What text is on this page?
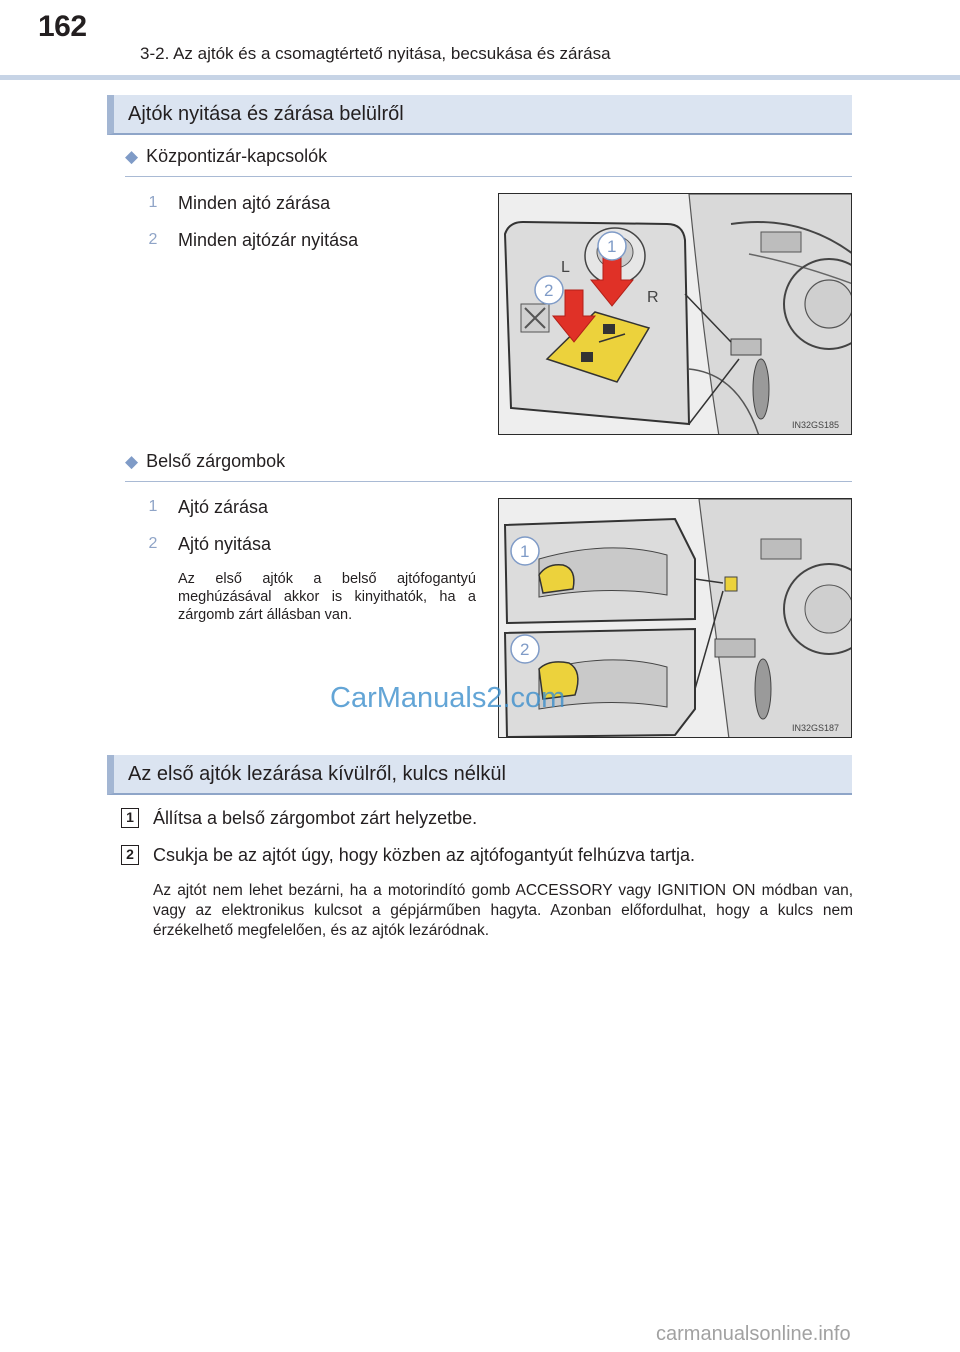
162
3-2. Az ajtók és a csomagtértető nyitása, becsukása és zárása
Ajtók nyitása és zárása belülről
◆ Központizár-kapcsolók
1	Minden ajtó zárása
2	Minden ajtózár nyitása
L
R
1
2
IN32GS185
◆ Belső zárgombok
1	Ajtó zárása
2	Ajtó nyitása
Az első ajtók a belső ajtófogantyú meghúzásával akkor is kinyithatók, ha a zárgomb zárt állásban van.
1
2
IN32GS187
CarManuals2.com
Az első ajtók lezárása kívülről, kulcs nélkül
1 Állítsa a belső zárgombot zárt helyzetbe.
2 Csukja be az ajtót úgy, hogy közben az ajtófogantyút felhúzva tartja.
Az ajtót nem lehet bezárni, ha a motorindító gomb ACCESSORY vagy IGNITION ON módban van, vagy az elektronikus kulcsot a gépjárműben hagyta. Azonban előfordulhat, hogy a kulcs nem érzékelhető megfelelően, és az ajtók lezáródnak.
carmanualsonline.info
